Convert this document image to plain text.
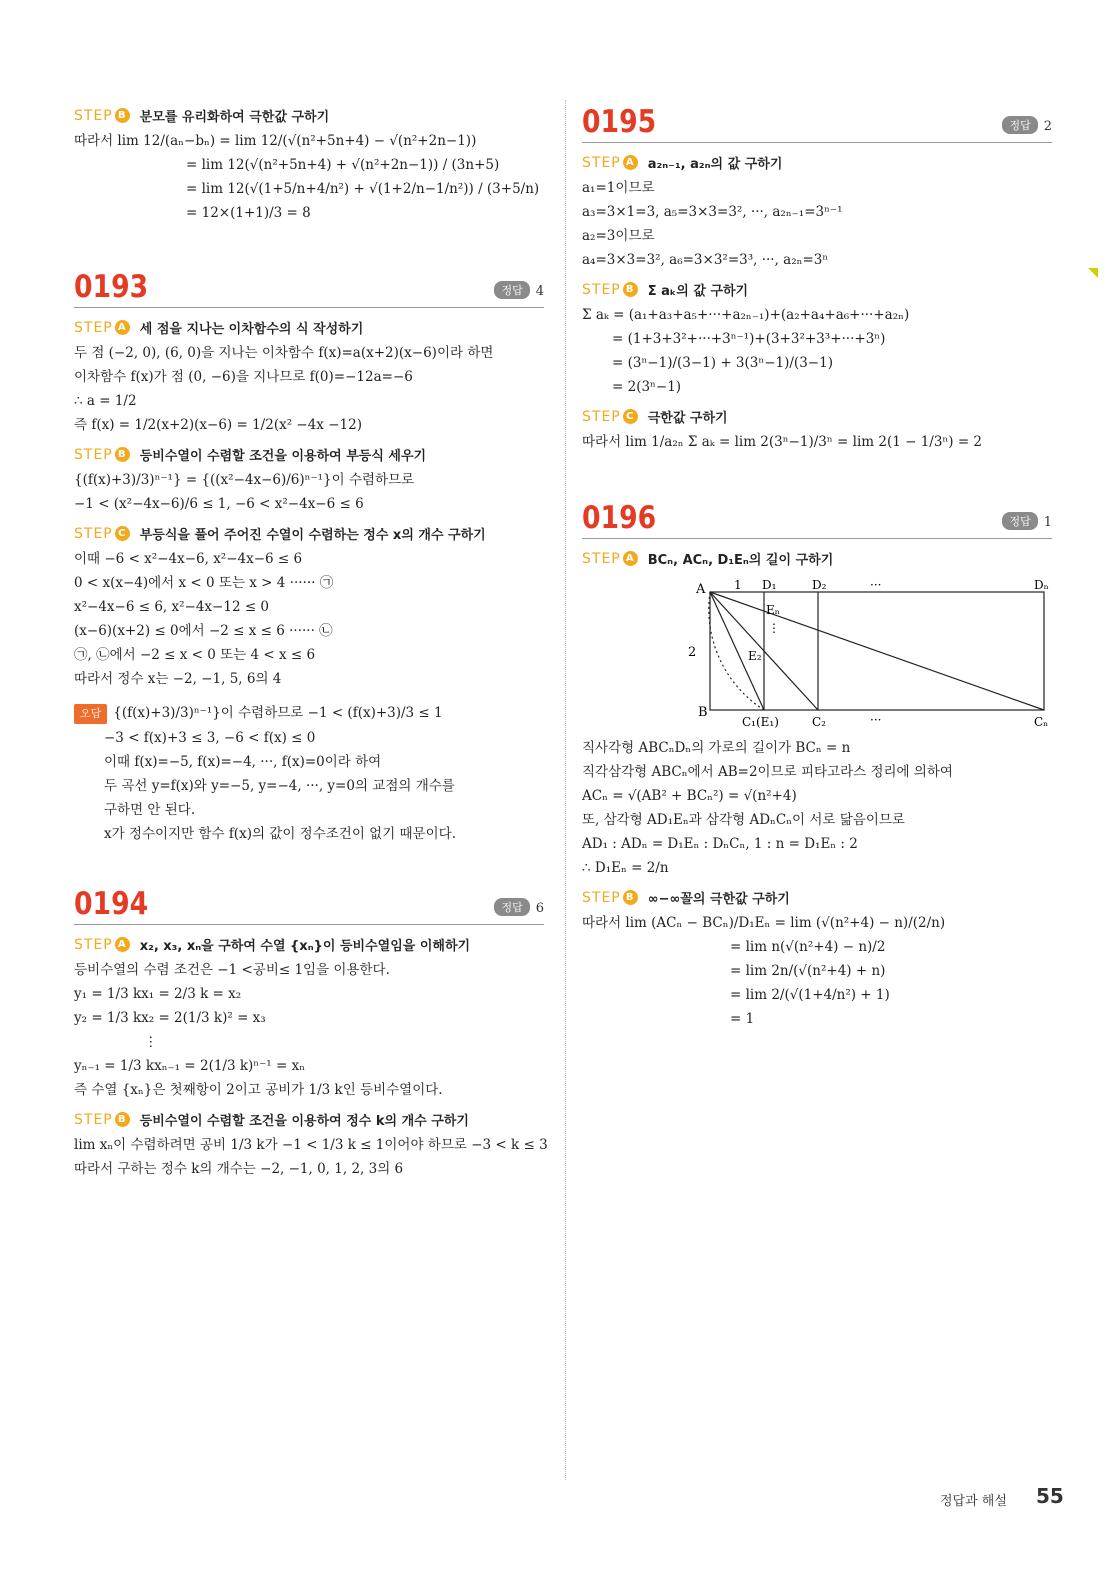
STEP B 분모를 유리화하여 극한값 구하기
따라서 lim 12/(aₙ−bₙ) = lim 12/(√(n²+5n+4) − √(n²+2n−1))
= lim 12(√(n²+5n+4) + √(n²+2n−1)) / (3n+5)
= lim 12(√(1+5/n+4/n²) + √(1+2/n−1/n²)) / (3+5/n)
= 12×(1+1)/3 = 8
0193	정답 4
STEP A 세 점을 지나는 이차함수의 식 작성하기
두 점 (−2, 0), (6, 0)을 지나는 이차함수 f(x)=a(x+2)(x−6)이라 하면
이차함수 f(x)가 점 (0, −6)을 지나므로 f(0)=−12a=−6
∴ a = 1/2
즉 f(x) = 1/2(x+2)(x−6) = 1/2(x² −4x −12)
STEP B 등비수열이 수렴할 조건을 이용하여 부등식 세우기
{(f(x)+3)/3)ⁿ⁻¹} = {((x²−4x−6)/6)ⁿ⁻¹}이 수렴하므로
−1 < (x²−4x−6)/6 ≤ 1, −6 < x²−4x−6 ≤ 6
STEP C 부등식을 풀어 주어진 수열이 수렴하는 정수 x의 개수 구하기
이때 −6 < x²−4x−6, x²−4x−6 ≤ 6
0 < x(x−4)에서 x < 0 또는 x > 4 ······ ㉠
x²−4x−6 ≤ 6, x²−4x−12 ≤ 0
(x−6)(x+2) ≤ 0에서 −2 ≤ x ≤ 6 ······ ㉡
㉠, ㉡에서 −2 ≤ x < 0 또는 4 < x ≤ 6
따라서 정수 x는 −2, −1, 5, 6의 4
오답 {(f(x)+3)/3)ⁿ⁻¹}이 수렴하므로 −1 < (f(x)+3)/3 ≤ 1
−3 < f(x)+3 ≤ 3, −6 < f(x) ≤ 0
이때 f(x)=−5, f(x)=−4, ···, f(x)=0이라 하여
두 곡선 y=f(x)와 y=−5, y=−4, ···, y=0의 교점의 개수를
구하면 안 된다.
x가 정수이지만 함수 f(x)의 값이 정수조건이 없기 때문이다.
0194	정답 6
STEP A x₂, x₃, xₙ을 구하여 수열 {xₙ}이 등비수열임을 이해하기
등비수열의 수렴 조건은 −1 <공비≤ 1임을 이용한다.
y₁ = 1/3 kx₁ = 2/3 k = x₂
y₂ = 1/3 kx₂ = 2(1/3 k)² = x₃
⋮
yₙ₋₁ = 1/3 kxₙ₋₁ = 2(1/3 k)ⁿ⁻¹ = xₙ
즉 수열 {xₙ}은 첫째항이 2이고 공비가 1/3 k인 등비수열이다.
STEP B 등비수열이 수렴할 조건을 이용하여 정수 k의 개수 구하기
lim xₙ이 수렴하려면 공비 1/3 k가 −1 < 1/3 k ≤ 1이어야 하므로 −3 < k ≤ 3
따라서 구하는 정수 k의 개수는 −2, −1, 0, 1, 2, 3의 6
0195	정답 2
STEP A a₂ₙ₋₁, a₂ₙ의 값 구하기
a₁=1이므로
a₃=3×1=3, a₅=3×3=3², ···, a₂ₙ₋₁=3ⁿ⁻¹
a₂=3이므로
a₄=3×3=3², a₆=3×3²=3³, ···, a₂ₙ=3ⁿ
STEP B Σ aₖ의 값 구하기
Σ aₖ = (a₁+a₃+a₅+···+a₂ₙ₋₁)+(a₂+a₄+a₆+···+a₂ₙ)
= (1+3+3²+···+3ⁿ⁻¹)+(3+3²+3³+···+3ⁿ)
= (3ⁿ−1)/(3−1) + 3(3ⁿ−1)/(3−1)
= 2(3ⁿ−1)
STEP C 극한값 구하기
따라서 lim 1/a₂ₙ Σ aₖ = lim 2(3ⁿ−1)/3ⁿ = lim 2(1 − 1/3ⁿ) = 2
0196	정답 1
STEP A BCₙ, ACₙ, D₁Eₙ의 길이 구하기
A 1 D₁	D₂	···	Dₙ
Eₙ
⋮
E₂
2
B
C₁(E₁)	C₂	···	Cₙ
직사각형 ABCₙDₙ의 가로의 길이가 BCₙ = n
직각삼각형 ABCₙ에서 AB=2이므로 피타고라스 정리에 의하여
ACₙ = √(AB² + BCₙ²) = √(n²+4)
또, 삼각형 AD₁Eₙ과 삼각형 ADₙCₙ이 서로 닮음이므로
AD₁ : ADₙ = D₁Eₙ : DₙCₙ, 1 : n = D₁Eₙ : 2
∴ D₁Eₙ = 2/n
STEP B ∞−∞꼴의 극한값 구하기
따라서 lim (ACₙ − BCₙ)/D₁Eₙ = lim (√(n²+4) − n)/(2/n)
= lim n(√(n²+4) − n)/2
= lim 2n/(√(n²+4) + n)
= lim 2/(√(1+4/n²) + 1)
= 1
정답과 해설 55
